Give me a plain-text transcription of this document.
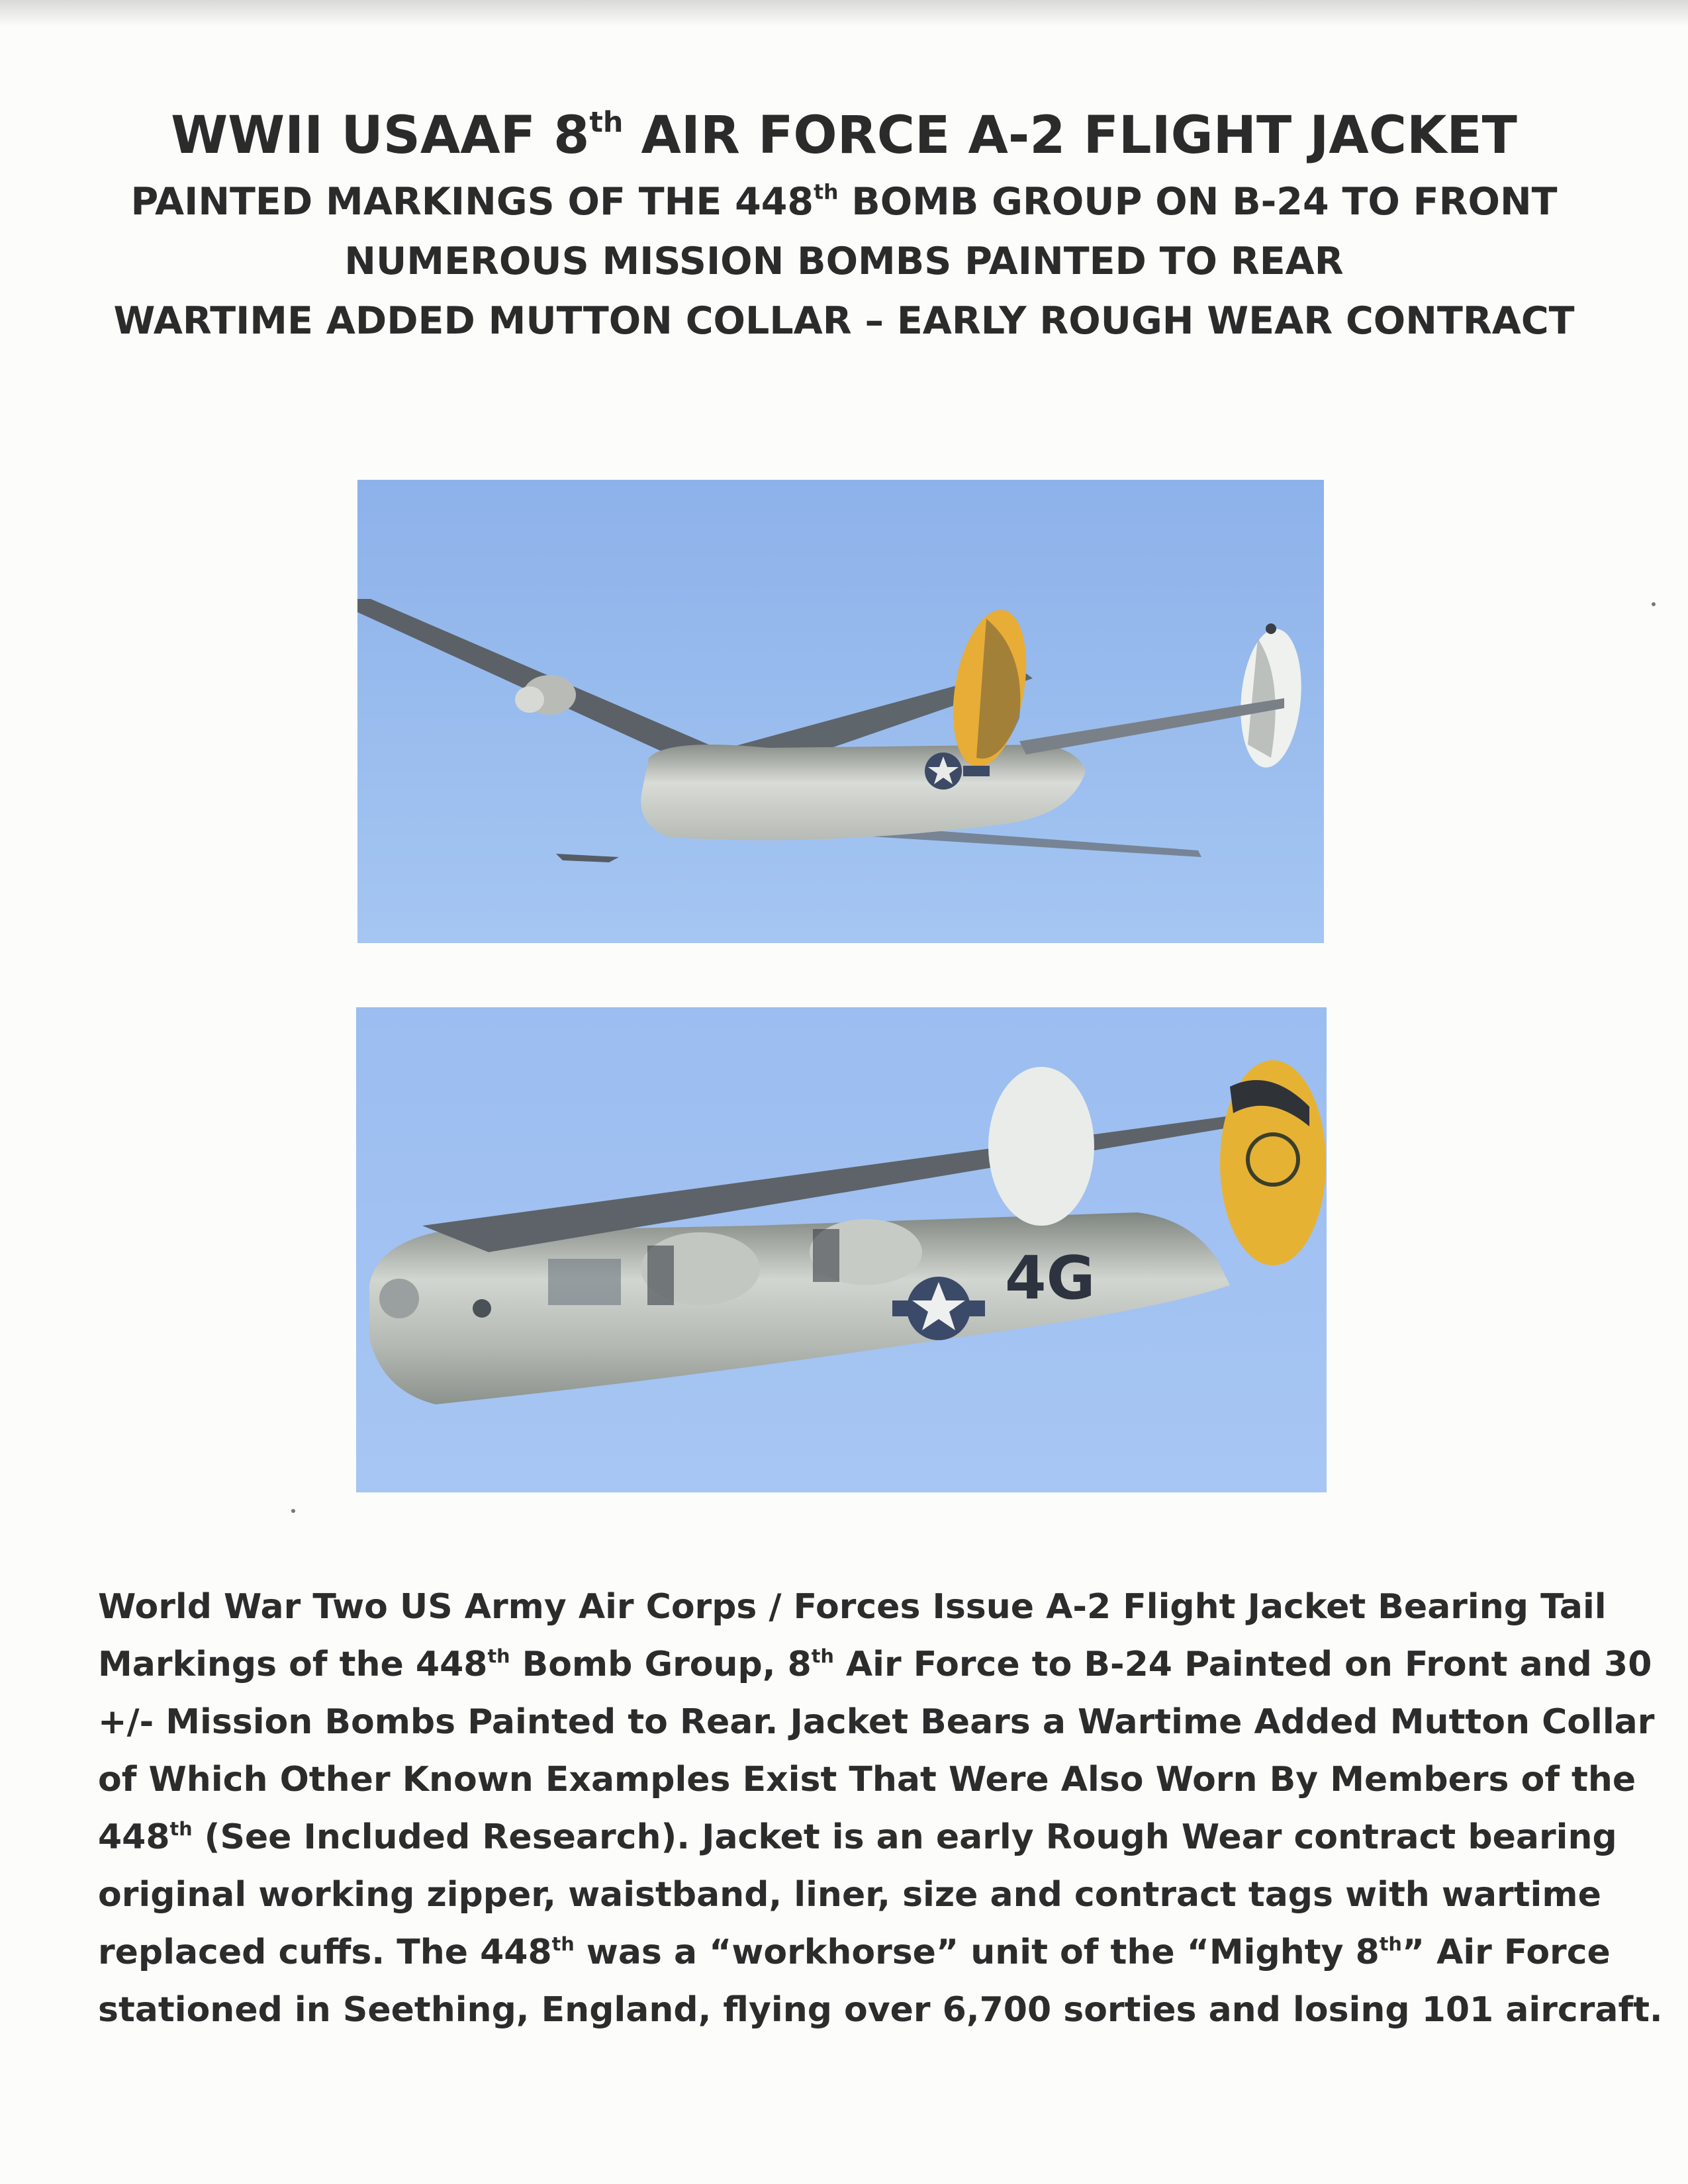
WWII USAAF 8th AIR FORCE A-2 FLIGHT JACKET
PAINTED MARKINGS OF THE 448th BOMB GROUP ON B-24 TO FRONT
NUMEROUS MISSION BOMBS PAINTED TO REAR
WARTIME ADDED MUTTON COLLAR – EARLY ROUGH WEAR CONTRACT
4G

World War Two US Army Air Corps / Forces Issue A-2 Flight Jacket Bearing Tail

Markings of the 448th Bomb Group, 8th Air Force to B-24 Painted on Front and 30

+/- Mission Bombs Painted to Rear. Jacket Bears a Wartime Added Mutton Collar

of Which Other Known Examples Exist That Were Also Worn By Members of the

448th (See Included Research). Jacket is an early Rough Wear contract bearing

original working zipper, waistband, liner, size and contract tags with wartime

replaced cuffs. The 448th was a “workhorse” unit of the “Mighty 8th” Air Force

stationed in Seething, England, flying over 6,700 sorties and losing 101 aircraft.
